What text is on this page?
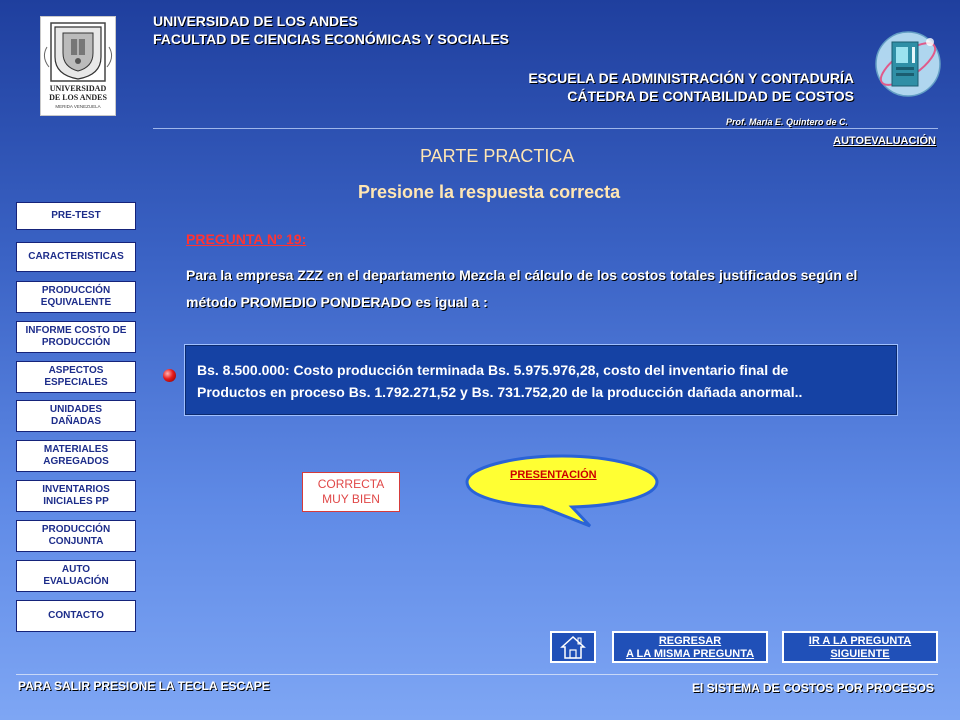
UNIVERSIDAD
DE LOS ANDES
MERIDA VENEZUELA
UNIVERSIDAD DE LOS ANDES
FACULTAD DE CIENCIAS ECONÓMICAS Y SOCIALES
ESCUELA DE ADMINISTRACIÓN Y CONTADURÍA
CÁTEDRA DE CONTABILIDAD DE COSTOS
Prof. María E. Quintero de C.
AUTOEVALUACIÓN
PARTE PRACTICA
Presione la respuesta correcta
PRE-TEST
CARACTERISTICAS
PRODUCCIÓN EQUIVALENTE
INFORME COSTO DE PRODUCCIÓN
ASPECTOS ESPECIALES
UNIDADES DAÑADAS
MATERIALES AGREGADOS
INVENTARIOS INICIALES PP
PRODUCCIÓN CONJUNTA
AUTO EVALUACIÓN
CONTACTO
PREGUNTA Nº 19:
Para la empresa ZZZ en el departamento Mezcla el cálculo de los costos totales justificados según el método PROMEDIO PONDERADO es igual a :
Bs. 8.500.000: Costo producción terminada Bs. 5.975.976,28, costo del inventario final de
Productos en proceso Bs. 1.792.271,52 y Bs. 731.752,20 de la producción dañada anormal..
CORRECTA
MUY BIEN
PRESENTACIÓN
REGRESAR
A LA MISMA PREGUNTA
IR A LA PREGUNTA
SIGUIENTE
PARA SALIR PRESIONE LA TECLA ESCAPE	El SISTEMA DE COSTOS POR PROCESOS
